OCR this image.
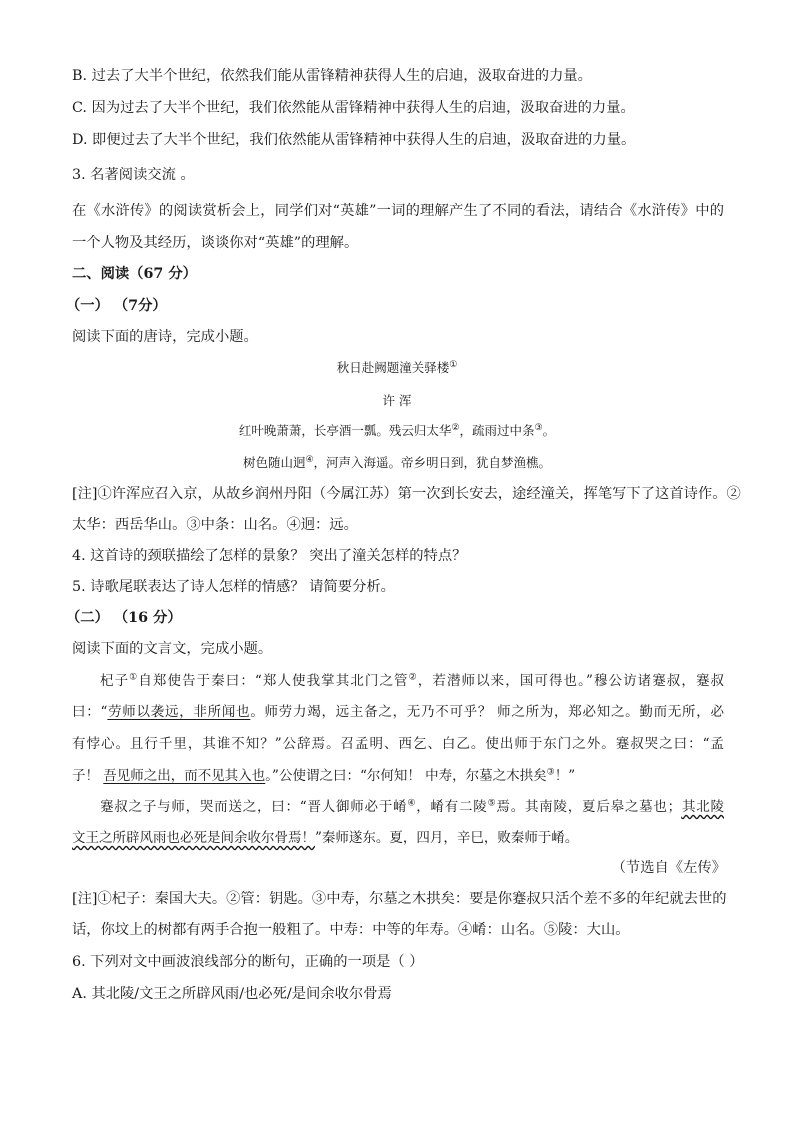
B. 过去了大半个世纪，依然我们能从雷锋精神获得人生的启迪，汲取奋进的力量。
C. 因为过去了大半个世纪，我们依然能从雷锋精神中获得人生的启迪，汲取奋进的力量。
D. 即便过去了大半个世纪，我们依然能从雷锋精神中获得人生的启迪，汲取奋进的力量。
3. 名著阅读交流 。
在《水浒传》的阅读赏析会上，同学们对“英雄”一词的理解产生了不同的看法，请结合《水浒传》中的
一个人物及其经历，谈谈你对“英雄”的理解。
二、阅读（67 分）
（一） （7分）
阅读下面的唐诗，完成小题。
秋日赴阙题潼关驿楼①
许 浑
红叶晚萧萧，长亭酒一瓢。残云归太华②，疏雨过中条③。
树色随山迥④，河声入海遥。帝乡明日到，犹自梦渔樵。
[注]①许浑应召入京，从故乡润州丹阳（今属江苏）第一次到长安去，途经潼关，挥笔写下了这首诗作。②
太华：西岳华山。③中条：山名。④迥：远。
4. 这首诗的颈联描绘了怎样的景象？ 突出了潼关怎样的特点？
5. 诗歌尾联表达了诗人怎样的情感？ 请简要分析。
（二） （16 分）
阅读下面的文言文，完成小题。
杞子①自郑使告于秦曰：“郑人使我掌其北门之管②，若潜师以来，国可得也。”穆公访诸蹇叔，蹇叔
曰：“劳师以袭远，非所闻也。师劳力竭，远主备之，无乃不可乎？ 师之所为，郑必知之。勤而无所，必
有悖心。且行千里，其谁不知？”公辞焉。召孟明、西乞、白乙。使出师于东门之外。蹇叔哭之曰：“孟
子！ 吾见师之出，而不见其入也。”公使谓之曰：“尔何知！ 中寿，尔墓之木拱矣③！”
蹇叔之子与师，哭而送之，曰：“晋人御师必于崤④，崤有二陵⑤焉。其南陵，夏后皋之墓也；其北陵
文王之所辟风雨也必死是间余收尔骨焉！”秦师遂东。夏，四月，辛巳，败秦师于崤。
（节选自《左传》
[注]①杞子：秦国大夫。②管：钥匙。③中寿，尔墓之木拱矣：要是你蹇叔只活个差不多的年纪就去世的
话，你坟上的树都有两手合抱一般粗了。中寿：中等的年寿。④崤：山名。⑤陵：大山。
6. 下列对文中画波浪线部分的断句，正确的一项是（ ）
A. 其北陵/文王之所辟风雨/也必死/是间余收尔骨焉
